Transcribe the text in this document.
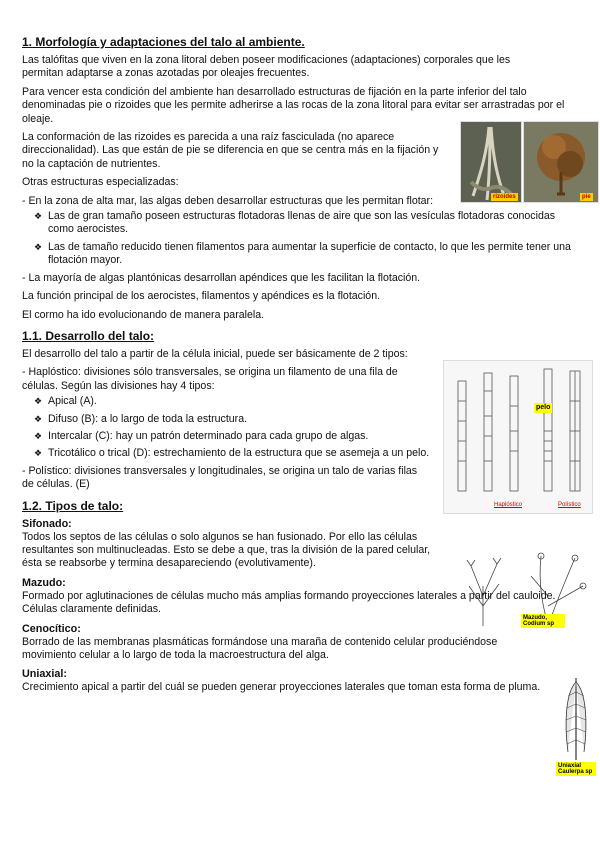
rizoides	pie
pelo
Haplóstico	Polístico
Mazudo, Codium sp
Uniaxial Caulerpa sp
1. Morfología y adaptaciones del talo al ambiente.

Las talófitas que viven en la zona litoral deben poseer modificaciones (adaptaciones) corporales que les permitan adaptarse a zonas azotadas por oleajes frecuentes.

Para vencer esta condición del ambiente han desarrollado estructuras de fijación en la parte inferior del talo denominadas pie o rizoides que les permite adherirse a las rocas de la zona litoral para evitar ser arrastradas por el oleaje.

La conformación de las rizoides es parecida a una raíz fasciculada (no aparece direccionalidad). Las que están de pie se diferencia en que se centra más en la fijación y no la captación de nutrientes.

Otras estructuras especializadas:

- En la zona de alta mar, las algas deben desarrollar estructuras que les permitan flotar:

❖ Las de gran tamaño poseen estructuras flotadoras llenas de aire que son las vesículas flotadoras conocidas como aerocistes.
❖ Las de tamaño reducido tienen filamentos para aumentar la superficie de contacto, lo que les permite tener una flotación mayor.

- La mayoría de algas plantónicas desarrollan apéndices que les facilitan la flotación.

La función principal de los aerocistes, filamentos y apéndices es la flotación.

El cormo ha ido evolucionando de manera paralela.

1.1. Desarrollo del talo:

El desarrollo del talo a partir de la célula inicial, puede ser básicamente de 2 tipos:

- Haplóstico: divisiones sólo transversales, se origina un filamento de una fila de células. Según las divisiones hay 4 tipos:

❖ Apical (A).
❖ Difuso (B): a lo largo de toda la estructura.
❖ Intercalar (C): hay un patrón determinado para cada grupo de algas.
❖ Tricotálico o trical (D): estrechamiento de la estructura que se asemeja a un pelo.

- Polístico: divisiones transversales y longitudinales, se origina un talo de varias filas de células. (E)

1.2. Tipos de talo:
Sifonado:

Todos los septos de las células o solo algunos se han fusionado. Por ello las células resultantes son multinucleadas. Esto se debe a que, tras la división de la pared celular, ésta se reabsorbe y termina desapareciendo (evolutivamente).

Mazudo:

Formado por aglutinaciones de células mucho más amplias formando proyecciones laterales a partir del cauloide. Células claramente definidas.

Cenocítico:

Borrado de las membranas plasmáticas formándose una maraña de contenido celular produciéndose movimiento celular a lo largo de toda la macroestructura del alga.

Uniaxial:

Crecimiento apical a partir del cuál se pueden generar proyecciones laterales que toman esta forma de pluma.
